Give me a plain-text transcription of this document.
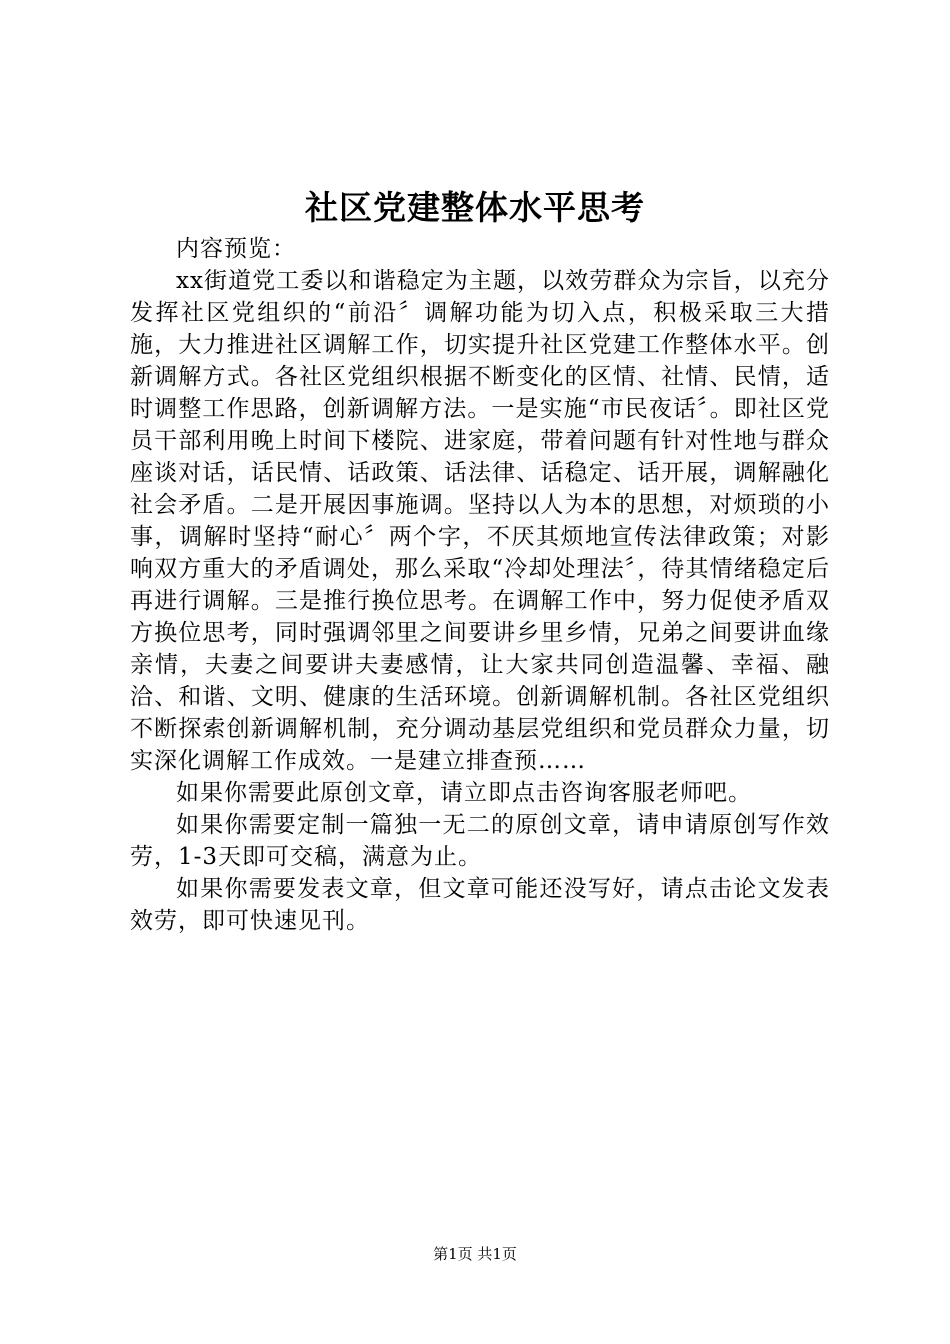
社区党建整体水平思考

内容预览：

xx街道党工委以和谐稳定为主题，以效劳群众为宗旨，以充分发挥社区党组织的“前沿〞调解功能为切入点，积极采取三大措施，大力推进社区调解工作，切实提升社区党建工作整体水平。创新调解方式。各社区党组织根据不断变化的区情、社情、民情，适时调整工作思路，创新调解方法。一是实施“市民夜话〞。即社区党员干部利用晚上时间下楼院、进家庭，带着问题有针对性地与群众座谈对话，话民情、话政策、话法律、话稳定、话开展，调解融化社会矛盾。二是开展因事施调。坚持以人为本的思想，对烦琐的小事，调解时坚持“耐心〞两个字，不厌其烦地宣传法律政策；对影响双方重大的矛盾调处，那么采取“冷却处理法〞，待其情绪稳定后再进行调解。三是推行换位思考。在调解工作中，努力促使矛盾双方换位思考，同时强调邻里之间要讲乡里乡情，兄弟之间要讲血缘亲情，夫妻之间要讲夫妻感情，让大家共同创造温馨、幸福、融洽、和谐、文明、健康的生活环境。创新调解机制。各社区党组织不断探索创新调解机制，充分调动基层党组织和党员群众力量，切实深化调解工作成效。一是建立排查预……

如果你需要此原创文章，请立即点击咨询客服老师吧。

如果你需要定制一篇独一无二的原创文章，请申请原创写作效劳，1-3天即可交稿，满意为止。

如果你需要发表文章，但文章可能还没写好，请点击论文发表效劳，即可快速见刊。

第1页 共1页
